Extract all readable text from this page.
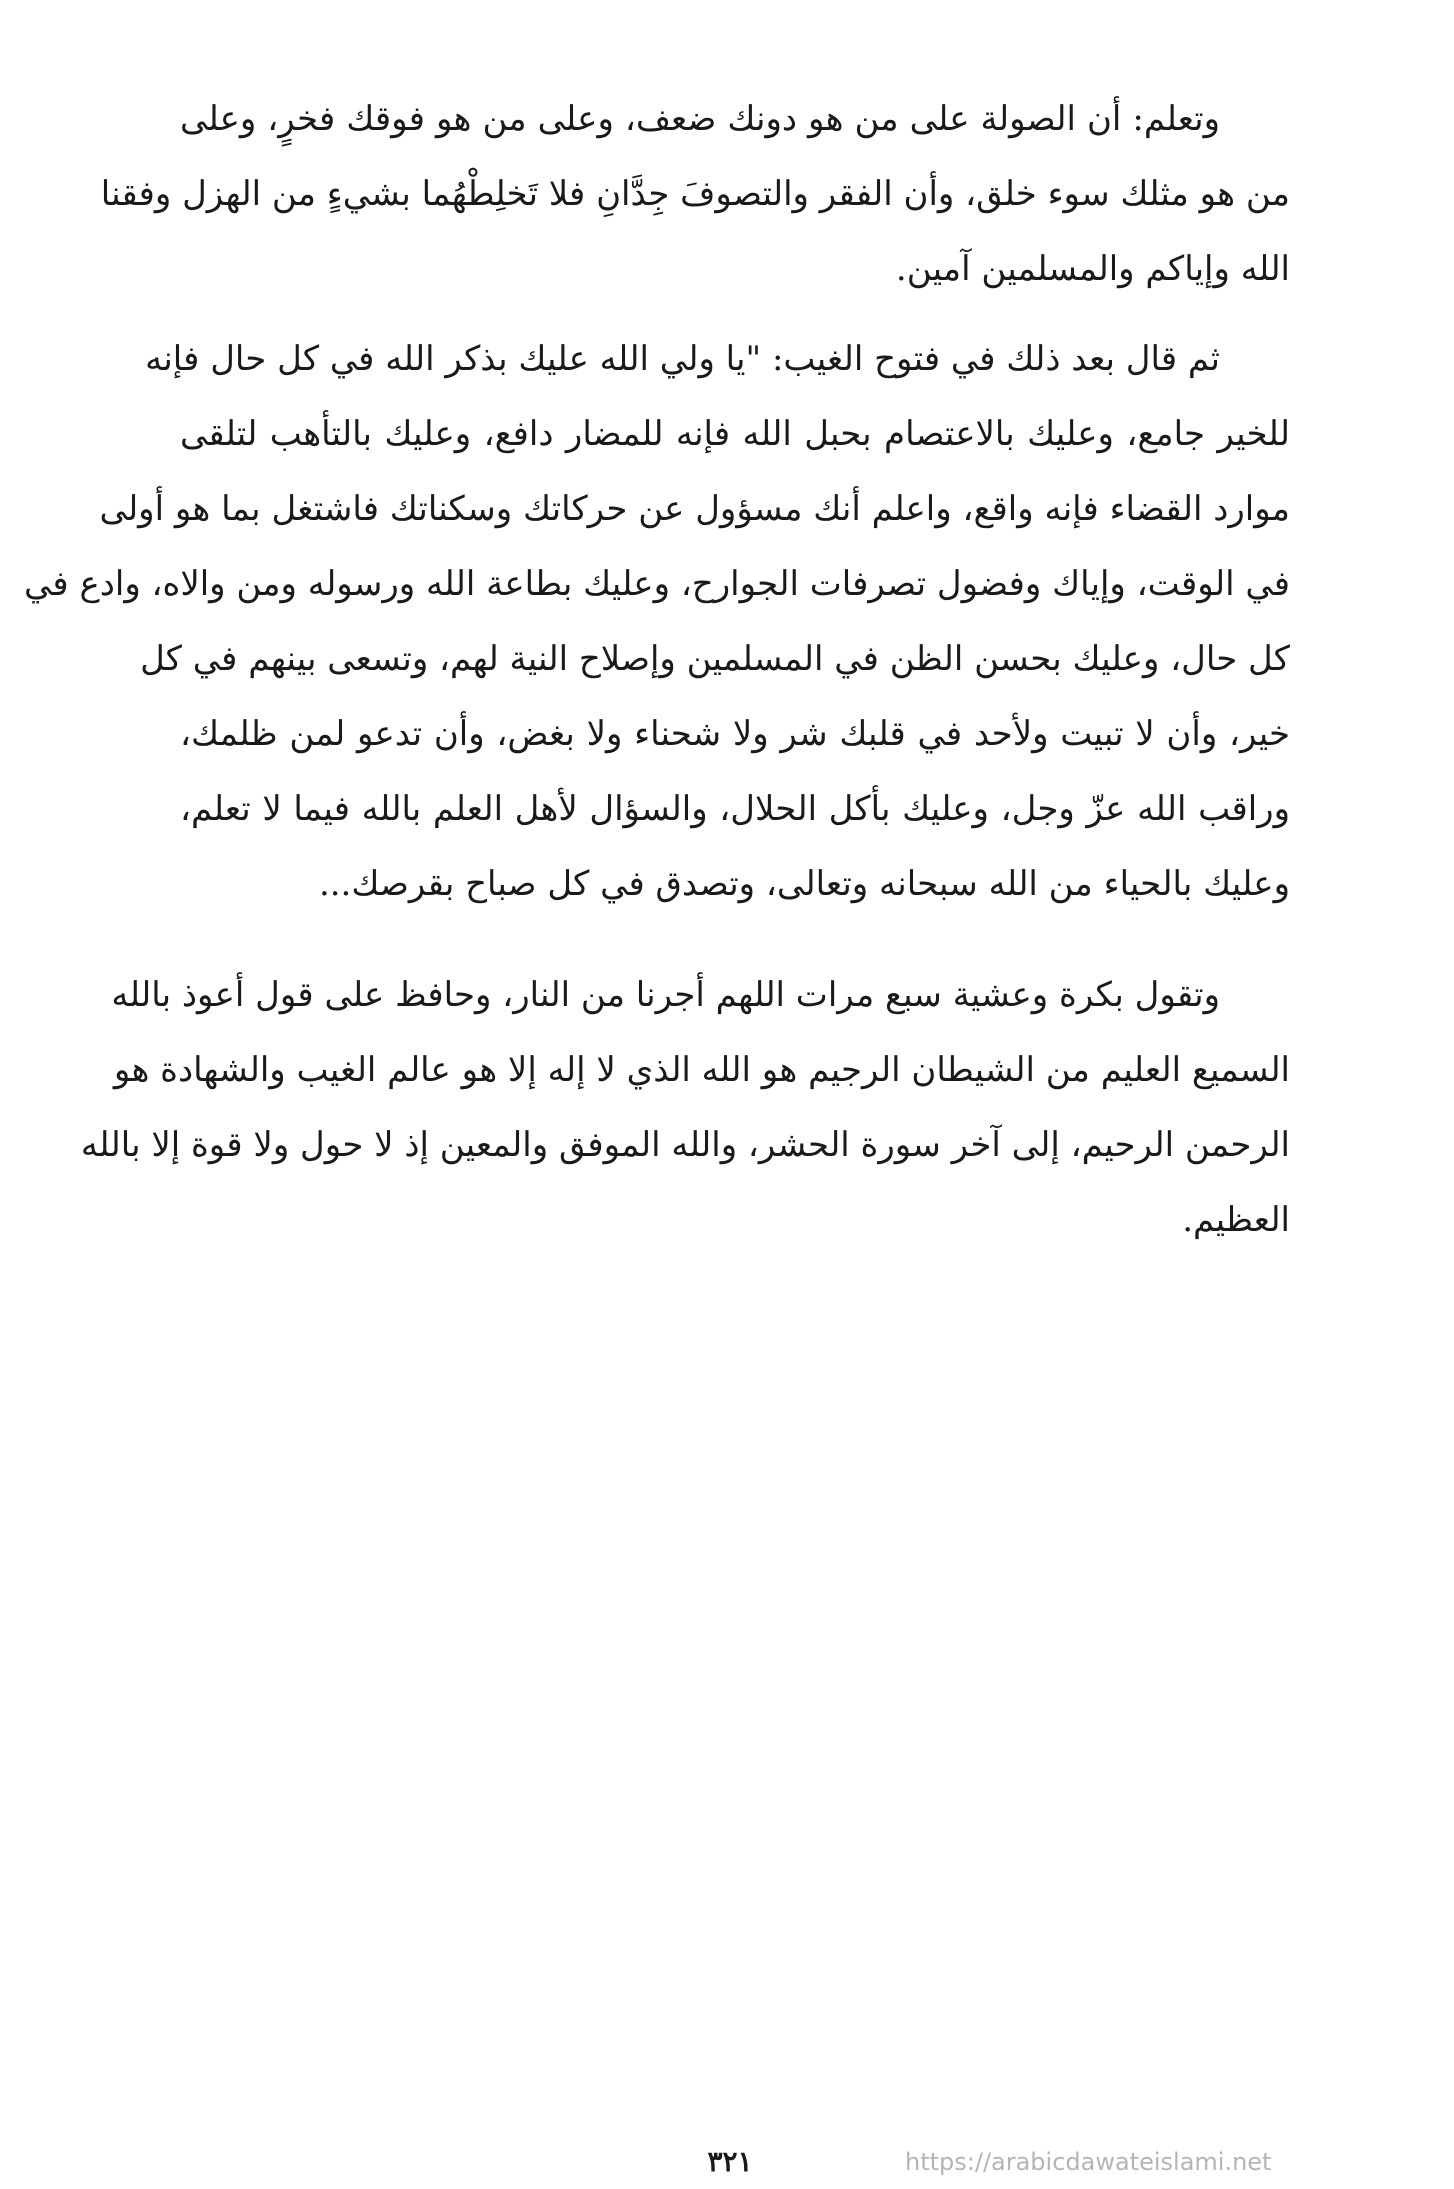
وتعلم: أن الصولة على من هو دونك ضعف، وعلى من هو فوقك فخرٍ، وعلى
من هو مثلك سوء خلق، وأن الفقر والتصوفَ جِدَّانِ فلا تَخلِطْهُما بشيءٍ من الهزل وفقنا
الله وإياكم والمسلمين آمين.
ثم قال بعد ذلك في فتوح الغيب: "يا ولي الله عليك بذكر الله في كل حال فإنه
للخير جامع، وعليك بالاعتصام بحبل الله فإنه للمضار دافع، وعليك بالتأهب لتلقى
موارد القضاء فإنه واقع، واعلم أنك مسؤول عن حركاتك وسكناتك فاشتغل بما هو أولى
في الوقت، وإياك وفضول تصرفات الجوارح، وعليك بطاعة الله ورسوله ومن والاه، وادع في
كل حال، وعليك بحسن الظن في المسلمين وإصلاح النية لهم، وتسعى بينهم في كل
خير، وأن لا تبيت ولأحد في قلبك شر ولا شحناء ولا بغض، وأن تدعو لمن ظلمك،
وراقب الله عزّ وجل، وعليك بأكل الحلال، والسؤال لأهل العلم بالله فيما لا تعلم،
وعليك بالحياء من الله سبحانه وتعالى، وتصدق في كل صباح بقرصك...
وتقول بكرة وعشية سبع مرات اللهم أجرنا من النار، وحافظ على قول أعوذ بالله
السميع العليم من الشيطان الرجيم هو الله الذي لا إله إلا هو عالم الغيب والشهادة هو
الرحمن الرحيم، إلى آخر سورة الحشر، والله الموفق والمعين إذ لا حول ولا قوة إلا بالله
العظيم.
٣٢١	https://arabicdawateislami.net
